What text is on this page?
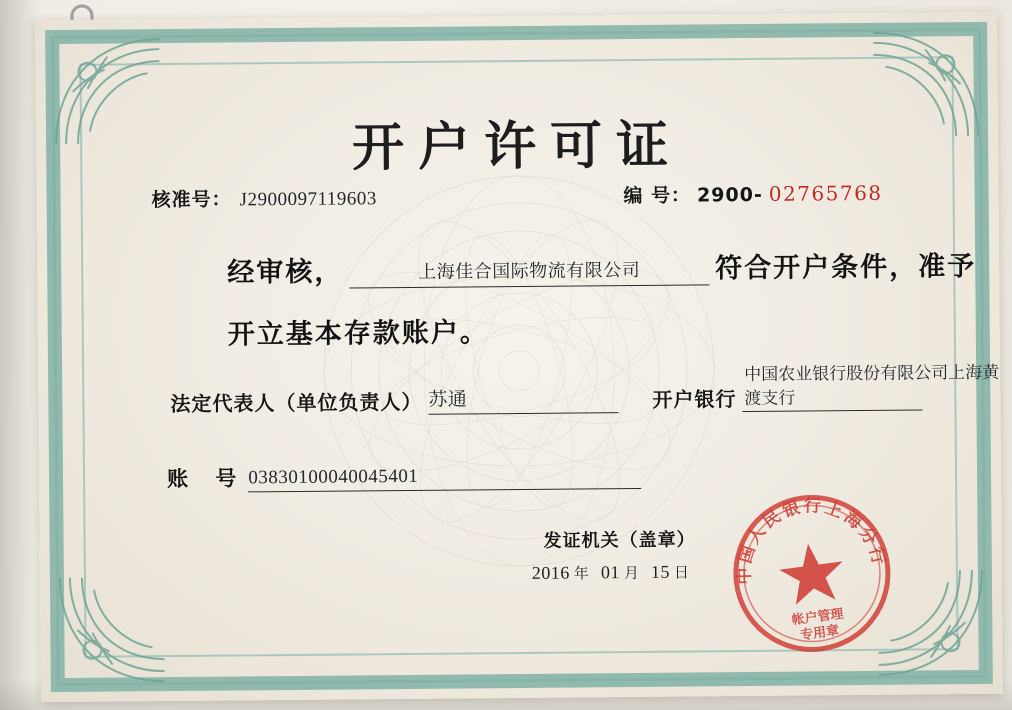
开户许可证
核准号： J2900097119603	编 号： 2900- 02765768
经审核，	上海佳合国际物流有限公司	符合开户条件，准予
开立基本存款账户。
法定代表人（单位负责人） 苏通	开户银行
中国农业银行股份有限公司上海黄
渡支行
账 号 03830100040045401
发证机关（盖章）
2016 年 01 月 15 日	中国人民银行上海分行
帐户管理
专用章
